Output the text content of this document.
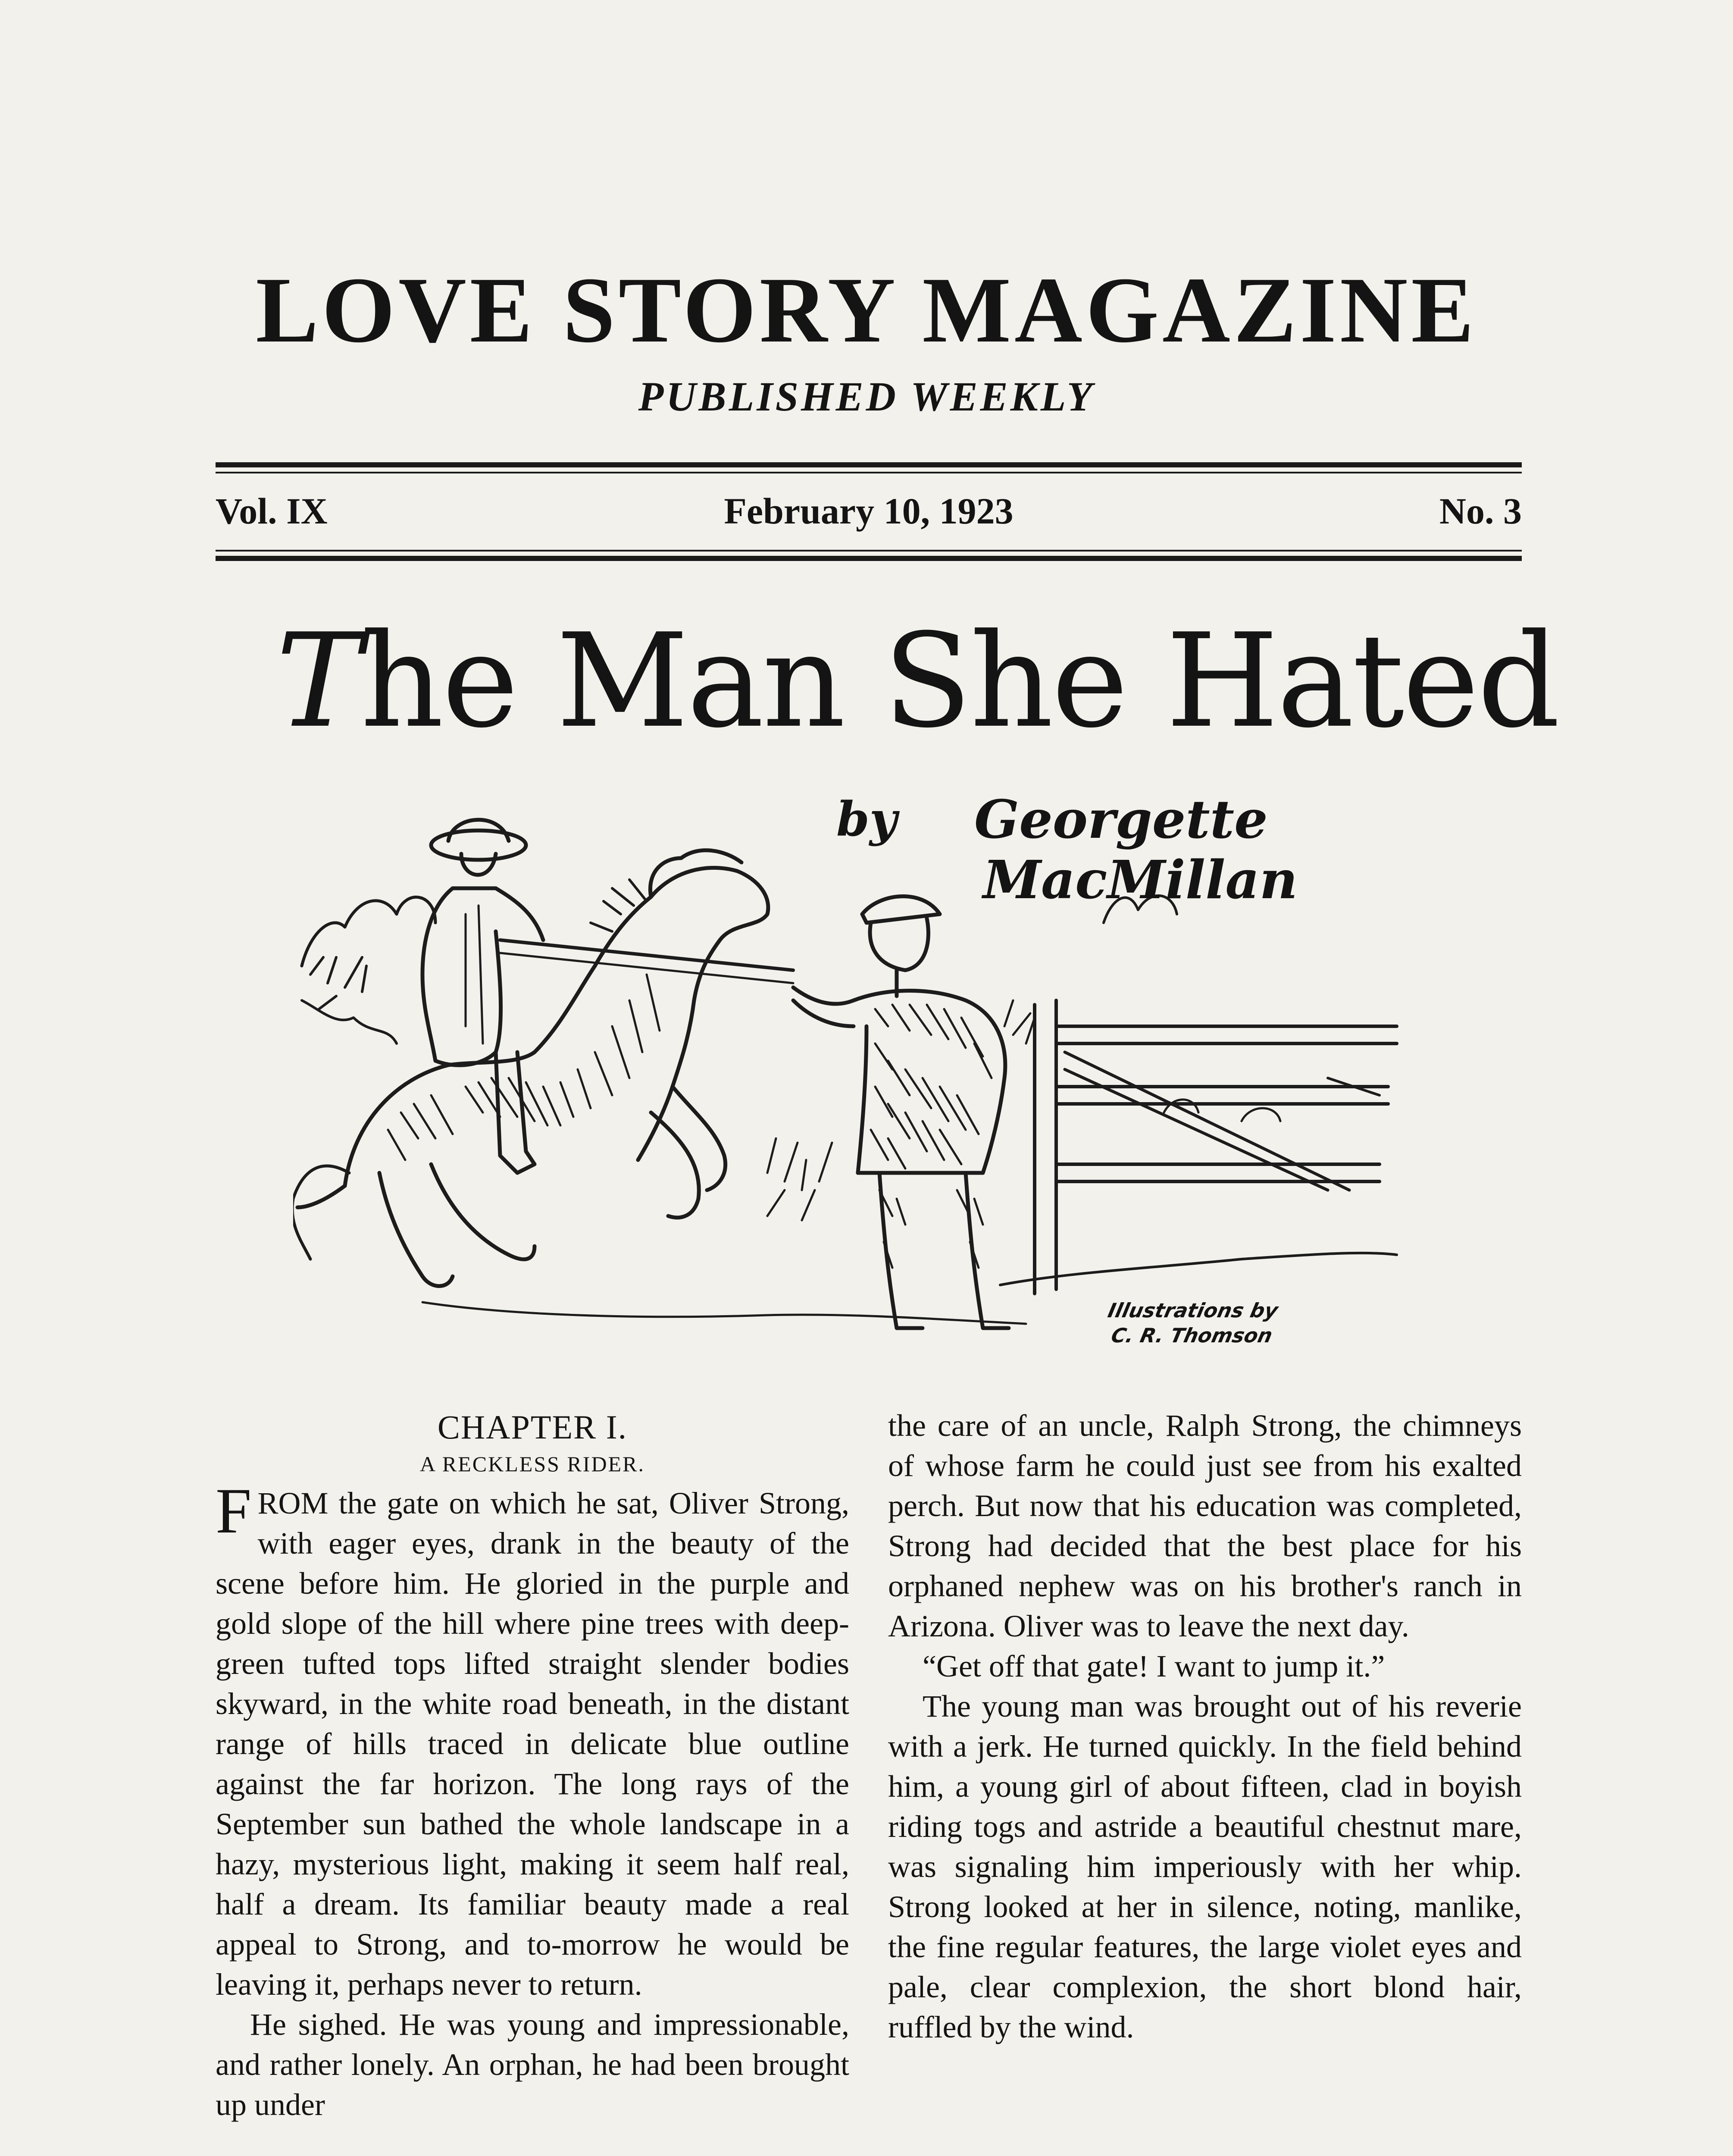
LOVE STORY MAGAZINE
PUBLISHED WEEKLY
Vol. IX	February 10, 1923	No. 3
The Man She Hated
by Georgette
MacMillan
Illustrations by
C. R. Thomson
CHAPTER I.
A RECKLESS RIDER.

FROM the gate on which he sat, Oliver Strong, with eager eyes, drank in the beauty of the scene before him. He gloried in the purple and gold slope of the hill where pine trees with deep-green tufted tops lifted straight slender bodies skyward, in the white road beneath, in the distant range of hills traced in delicate blue outline against the far horizon. The long rays of the September sun bathed the whole landscape in a hazy, mysterious light, making it seem half real, half a dream. Its familiar beauty made a real appeal to Strong, and to-morrow he would be leaving it, perhaps never to return.

He sighed. He was young and impressionable, and rather lonely. An orphan, he had been brought up under

the care of an uncle, Ralph Strong, the chimneys of whose farm he could just see from his exalted perch. But now that his education was completed, Strong had decided that the best place for his orphaned nephew was on his brother's ranch in Arizona. Oliver was to leave the next day.

“Get off that gate! I want to jump it.”

The young man was brought out of his reverie with a jerk. He turned quickly. In the field behind him, a young girl of about fifteen, clad in boyish riding togs and astride a beautiful chestnut mare, was signaling him imperiously with her whip. Strong looked at her in silence, noting, manlike, the fine regular features, the large violet eyes and pale, clear complexion, the short blond hair, ruffled by the wind.
